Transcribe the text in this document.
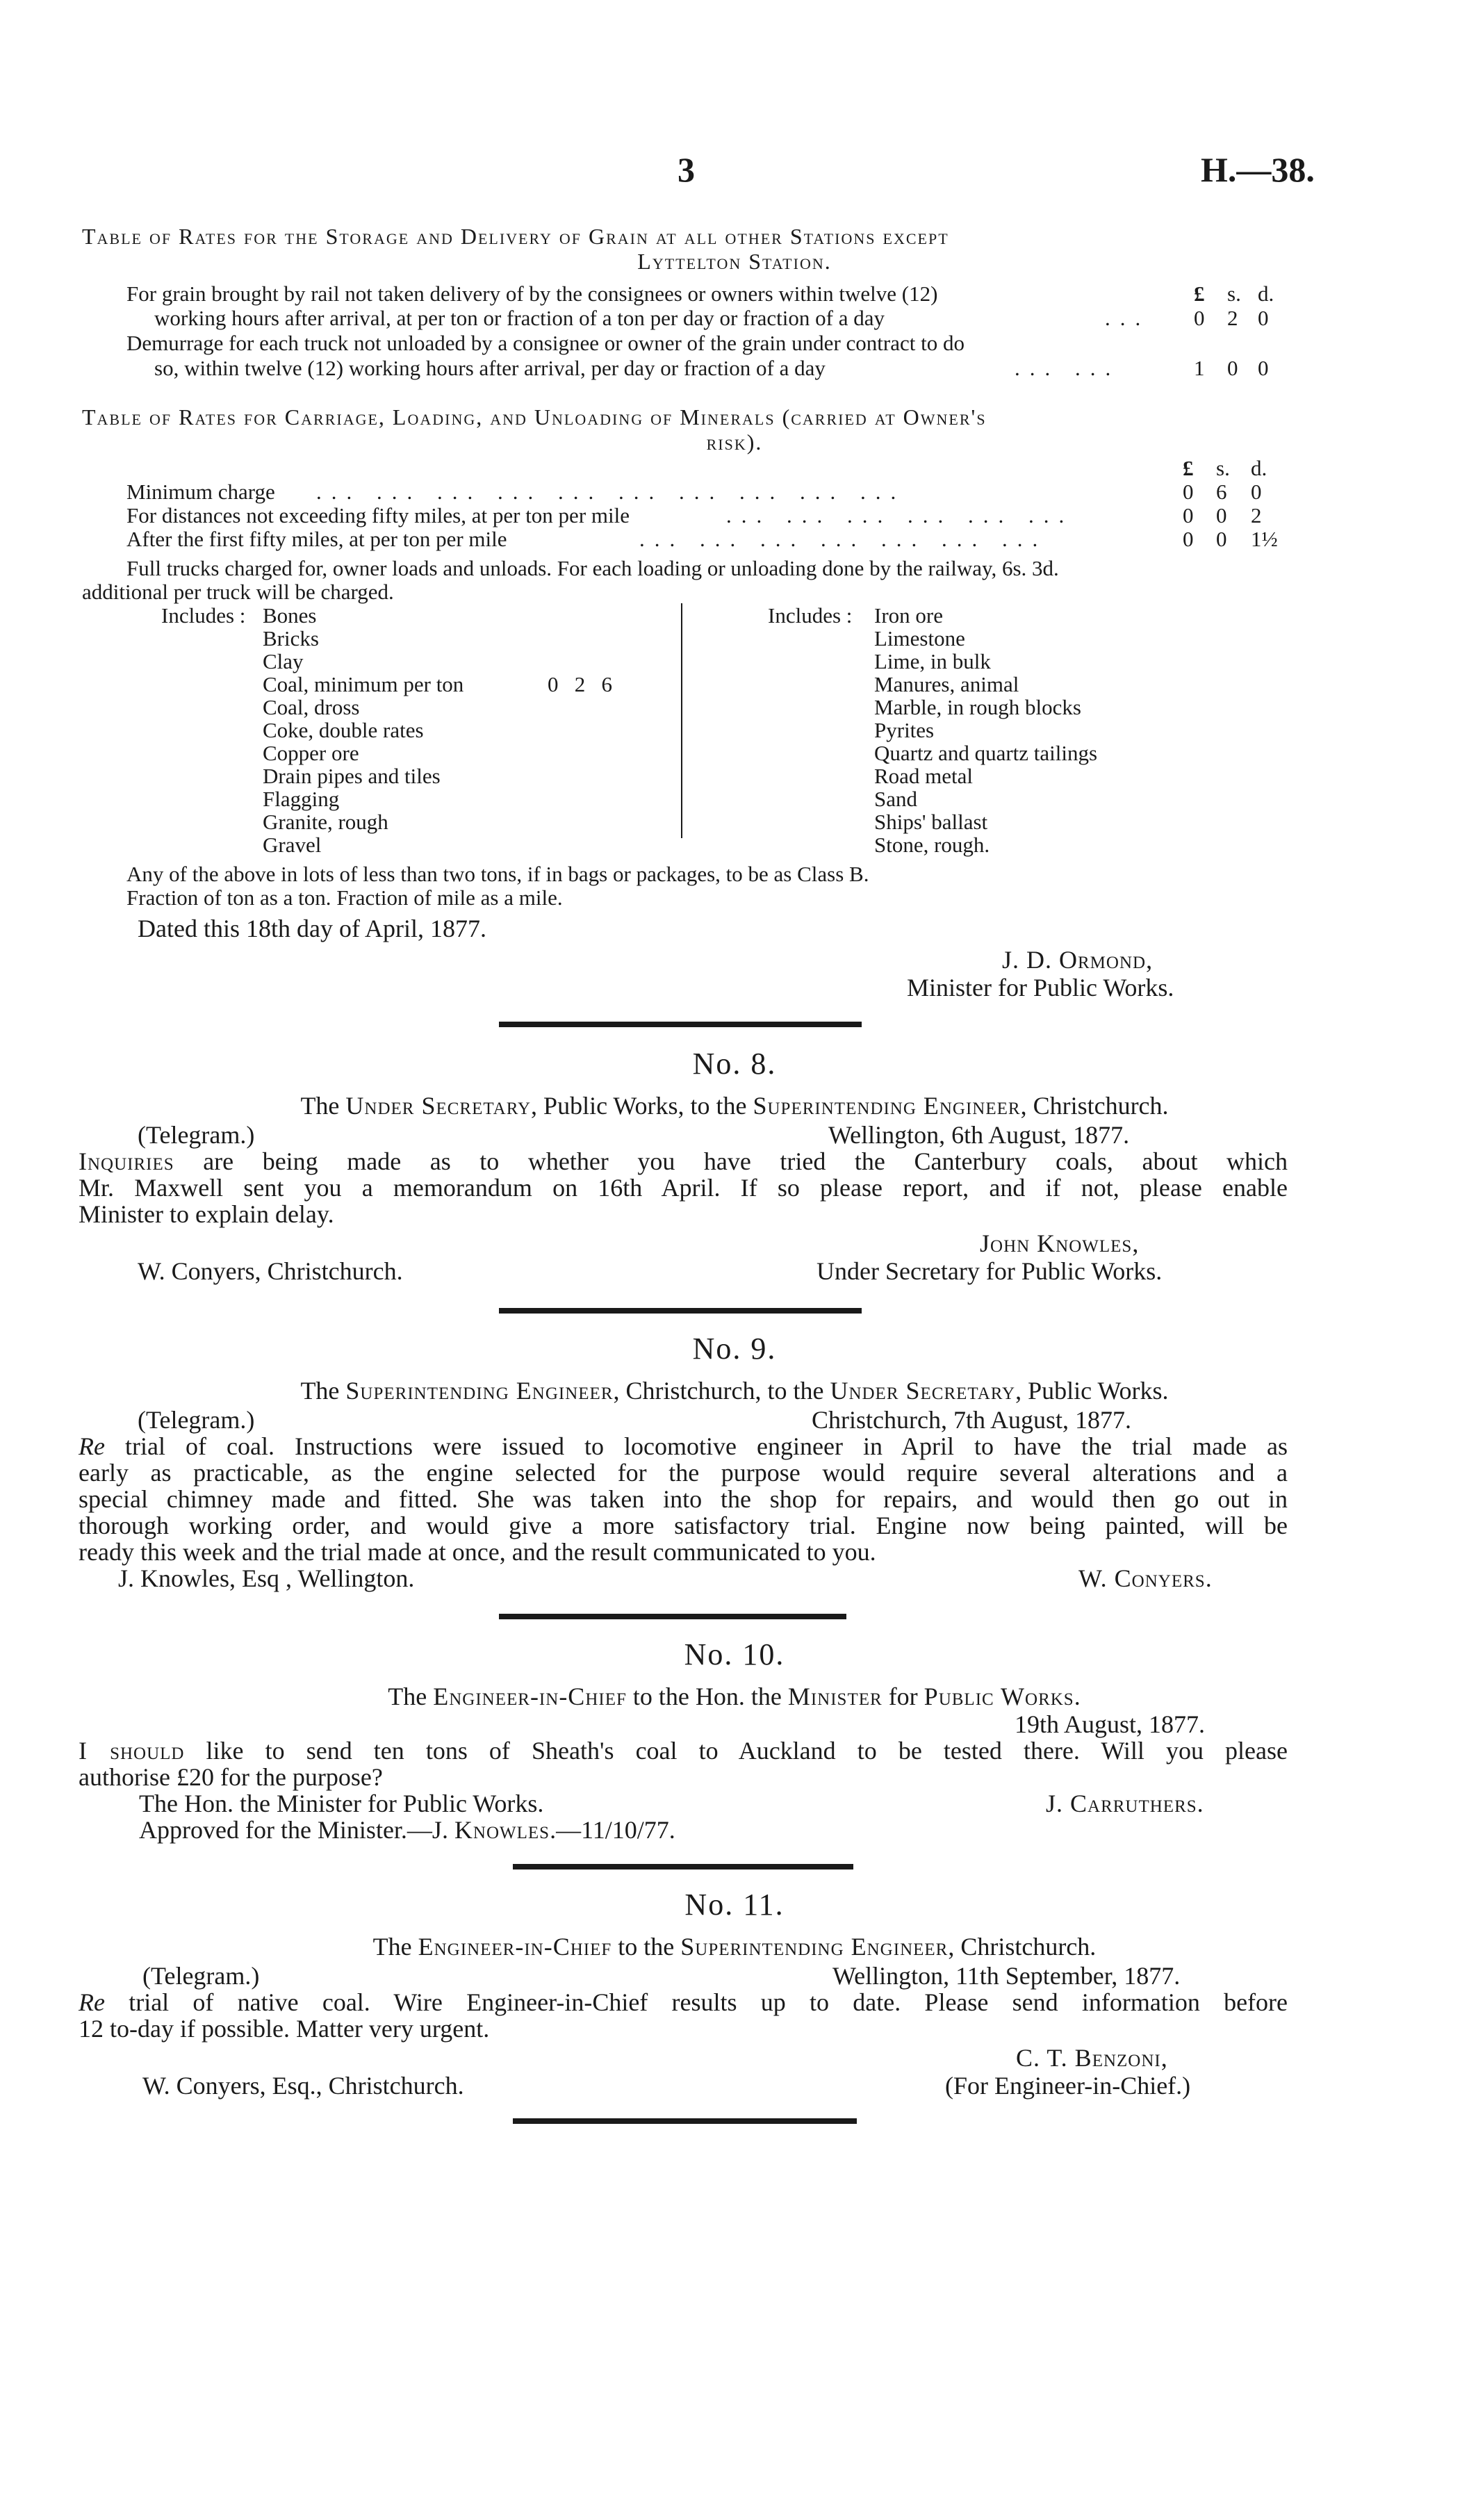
3	H.—38.
Table of Rates for the Storage and Delivery of Grain at all other Stations except
Lyttelton Station.
For grain brought by rail not taken delivery of by the consignees or owners within twelve (12)	£ s. d.
working hours after arrival, at per ton or fraction of a ton per day or fraction of a day	... 0 2 0
Demurrage for each truck not unloaded by a consignee or owner of the grain under contract to do
so, within twelve (12) working hours after arrival, per day or fraction of a day	... ...	1 0 0
Table of Rates for Carriage, Loading, and Unloading of Minerals (carried at Owner's
risk).
£ s. d.
Minimum charge ... ... ... ... ... ... ... ... ... ...	0 6 0
For distances not exceeding fifty miles, at per ton per mile	... ... ... ... ... ...	0 0 2
After the first fifty miles, at per ton per mile	... ... ... ... ... ... ...	0 0 1½
Full trucks charged for, owner loads and unloads. For each loading or unloading done by the railway, 6s. 3d.
additional per truck will be charged.
Includes :	Includes :
Bones
Bricks
Clay
Coal, minimum per ton	0   2   6
Coal, dross
Coke, double rates
Copper ore
Drain pipes and tiles
Flagging
Granite, rough
Gravel
Iron ore
Limestone
Lime, in bulk
Manures, animal
Marble, in rough blocks
Pyrites
Quartz and quartz tailings
Road metal
Sand
Ships' ballast
Stone, rough.
Any of the above in lots of less than two tons, if in bags or packages, to be as Class B.
Fraction of ton as a ton. Fraction of mile as a mile.
Dated this 18th day of April, 1877.
J. D. Ormond,
Minister for Public Works.
No. 8.
The Under Secretary, Public Works, to the Superintending Engineer, Christchurch.
(Telegram.)	Wellington, 6th August, 1877.
Inquiries are being made as to whether you have tried the Canterbury coals, about which
Mr. Maxwell sent you a memorandum on 16th April. If so please report, and if not, please enable
Minister to explain delay.
John Knowles,
W. Conyers, Christchurch.	Under Secretary for Public Works.
No. 9.
The Superintending Engineer, Christchurch, to the Under Secretary, Public Works.
(Telegram.)	Christchurch, 7th August, 1877.
Re trial of coal. Instructions were issued to locomotive engineer in April to have the trial made as
early as practicable, as the engine selected for the purpose would require several alterations and a
special chimney made and fitted. She was taken into the shop for repairs, and would then go out in
thorough working order, and would give a more satisfactory trial. Engine now being painted, will be
ready this week and the trial made at once, and the result communicated to you.
J. Knowles, Esq , Wellington.	W. Conyers.
No. 10.
The Engineer-in-Chief to the Hon. the Minister for Public Works.
19th August, 1877.
I should like to send ten tons of Sheath's coal to Auckland to be tested there. Will you please
authorise £20 for the purpose?
The Hon. the Minister for Public Works.	J. Carruthers.
Approved for the Minister.—J. Knowles.—11/10/77.
No. 11.
The Engineer-in-Chief to the Superintending Engineer, Christchurch.
(Telegram.)	Wellington, 11th September, 1877.
Re trial of native coal. Wire Engineer-in-Chief results up to date. Please send information before
12 to-day if possible. Matter very urgent.
C. T. Benzoni,
W. Conyers, Esq., Christchurch.	(For Engineer-in-Chief.)
